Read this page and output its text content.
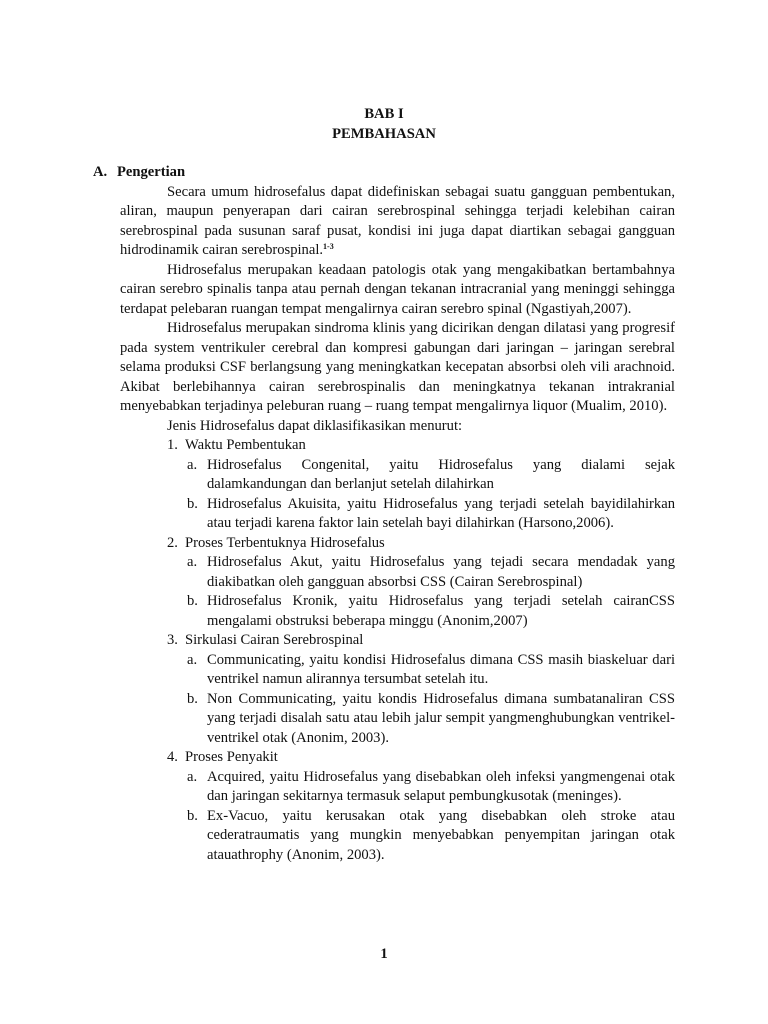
BAB I

PEMBAHASAN

A. Pengertian

Secara umum hidrosefalus dapat didefiniskan sebagai suatu gangguan pembentukan, aliran, maupun penyerapan dari cairan serebrospinal sehingga terjadi kelebihan cairan serebrospinal pada susunan saraf pusat, kondisi ini juga dapat diartikan sebagai gangguan hidrodinamik cairan serebrospinal.$^{1-3}$

Hidrosefalus merupakan keadaan patologis otak yang mengakibatkan bertambahnya cairan serebro spinalis tanpa atau pernah dengan tekanan intracranial yang meninggi sehingga terdapat pelebaran ruangan tempat mengalirnya cairan serebro spinal (Ngastiyah,2007).

Hidrosefalus merupakan sindroma klinis yang dicirikan dengan dilatasi yang progresif pada system ventrikuler cerebral dan kompresi gabungan dari jaringan – jaringan serebral selama produksi CSF berlangsung yang meningkatkan kecepatan absorbsi oleh vili arachnoid. Akibat berlebihannya cairan serebrospinalis dan meningkatnya tekanan intrakranial menyebabkan terjadinya peleburan ruang – ruang tempat mengalirnya liquor (Mualim, 2010).

Jenis Hidrosefalus dapat diklasifikasikan menurut:

1. Waktu Pembentukan
a. Hidrosefalus Congenital, yaitu Hidrosefalus yang dialami sejak dalamkandungan dan berlanjut setelah dilahirkan
b. Hidrosefalus Akuisita, yaitu Hidrosefalus yang terjadi setelah bayidilahirkan atau terjadi karena faktor lain setelah bayi dilahirkan (Harsono,2006).
2. Proses Terbentuknya Hidrosefalus
a. Hidrosefalus Akut, yaitu Hidrosefalus yang tejadi secara mendadak yang diakibatkan oleh gangguan absorbsi CSS (Cairan Serebrospinal)
b. Hidrosefalus Kronik, yaitu Hidrosefalus yang terjadi setelah cairanCSS mengalami obstruksi beberapa minggu (Anonim,2007)
3. Sirkulasi Cairan Serebrospinal
a. Communicating, yaitu kondisi Hidrosefalus dimana CSS masih biaskeluar dari ventrikel namun alirannya tersumbat setelah itu.
b. Non Communicating, yaitu kondis Hidrosefalus dimana sumbatanaliran CSS yang terjadi disalah satu atau lebih jalur sempit yangmenghubungkan ventrikel-ventrikel otak (Anonim, 2003).
4. Proses Penyakit
a. Acquired, yaitu Hidrosefalus yang disebabkan oleh infeksi yangmengenai otak dan jaringan sekitarnya termasuk selaput pembungkusotak (meninges).
b. Ex-Vacuo, yaitu kerusakan otak yang disebabkan oleh stroke atau cederatraumatis yang mungkin menyebabkan penyempitan jaringan otak atauathrophy (Anonim, 2003).
1
